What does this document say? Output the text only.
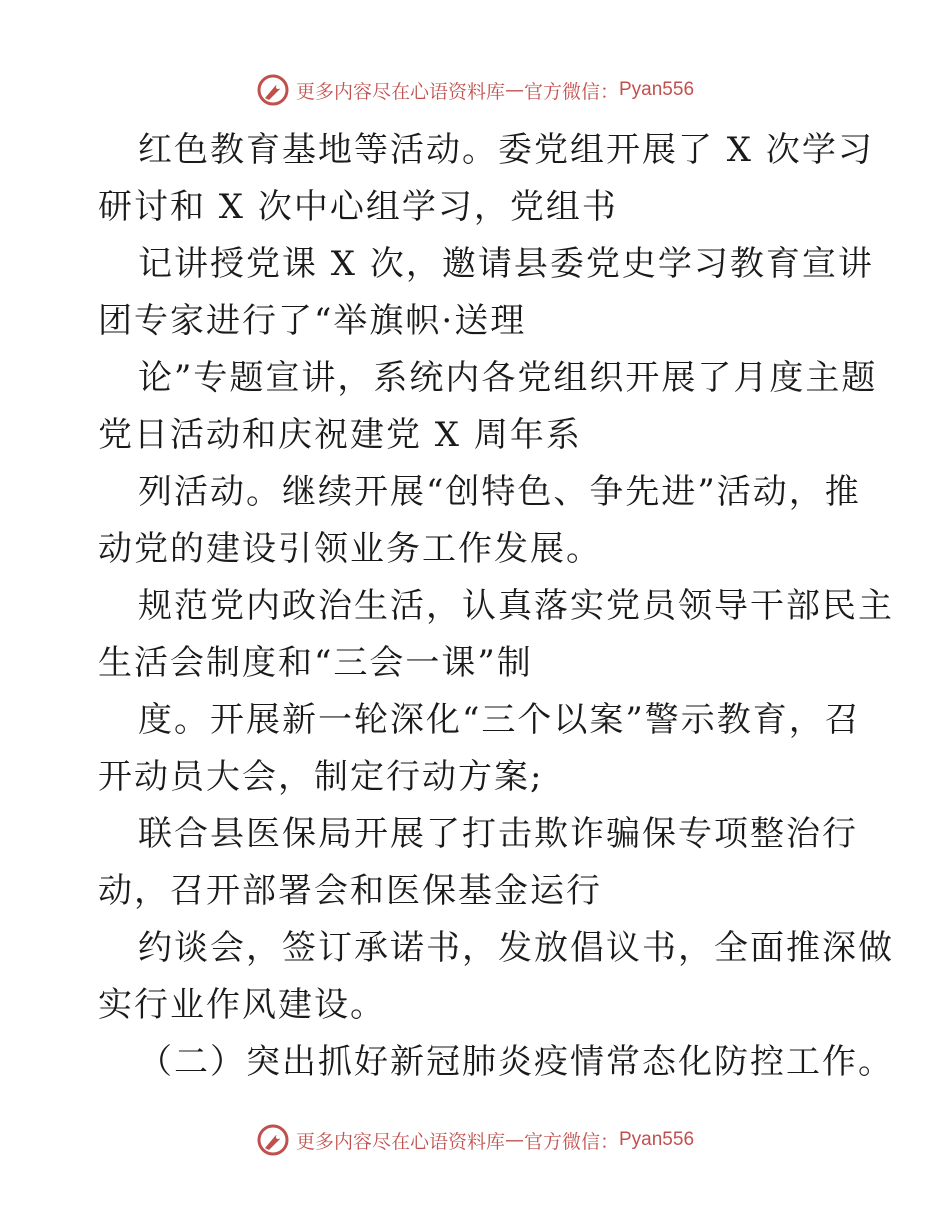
更多内容尽在心语资料库 — 官方微信： Pyan556
红色教育基地等活动。委党组开展了 X 次学习
研讨和 X 次中心组学习，党组书
记讲授党课 X 次，邀请县委党史学习教育宣讲
团专家进行了“举旗帜·送理
论”专题宣讲，系统内各党组织开展了月度主题
党日活动和庆祝建党 X 周年系
列活动。继续开展“创特色、争先进”活动，推
动党的建设引领业务工作发展。
规范党内政治生活，认真落实党员领导干部民主
生活会制度和“三会一课”制
度。开展新一轮深化“三个以案”警示教育，召
开动员大会，制定行动方案;
联合县医保局开展了打击欺诈骗保专项整治行
动，召开部署会和医保基金运行
约谈会，签订承诺书，发放倡议书，全面推深做
实行业作风建设。
（二）突出抓好新冠肺炎疫情常态化防控工作。
更多内容尽在心语资料库 — 官方微信： Pyan556
